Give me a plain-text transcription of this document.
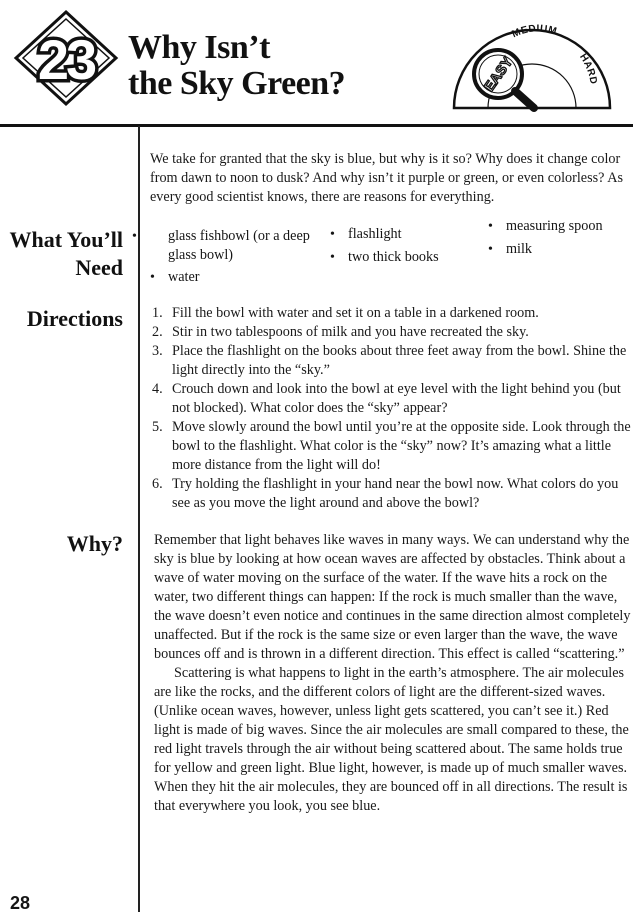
23 Why Isn’t
the Sky Green?
MEDIUM
HARD
EASY
We take for granted that the sky is blue, but why is it so? Why does it change color from dawn to noon to dusk? And why isn’t it purple or green, or even colorless? As every good scientist knows, there are reasons for everything.
What You’ll
Need
• glass fishbowl (or a deep glass bowl)
• water
• flashlight
• two thick books
• measuring spoon
• milk
Directions 1. Fill the bowl with water and set it on a table in a darkened room.
2. Stir in two tablespoons of milk and you have recreated the sky.
3. Place the flashlight on the books about three feet away from the bowl. Shine the light directly into the “sky.”
4. Crouch down and look into the bowl at eye level with the light behind you (but not blocked). What color does the “sky” appear?
5. Move slowly around the bowl until you’re at the opposite side. Look through the bowl to the flashlight. What color is the “sky” now? It’s amazing what a little more distance from the light will do!
6. Try holding the flashlight in your hand near the bowl now. What colors do you see as you move the light around and above the bowl?
Why? Remember that light behaves like waves in many ways. We can understand why the sky is blue by looking at how ocean waves are affected by obstacles. Think about a wave of water moving on the surface of the water. If the wave hits a rock on the water, two different things can happen: If the rock is much smaller than the wave, the wave doesn’t even notice and continues in the same direction almost completely unaffected. But if the rock is the same size or even larger than the wave, the wave bounces off and is thrown in a different direction. This effect is called “scattering.”

Scattering is what happens to light in the earth’s atmosphere. The air molecules are like the rocks, and the different colors of light are the different-sized waves. (Unlike ocean waves, however, unless light gets scattered, you can’t see it.) Red light is made of big waves. Since the air molecules are small compared to these, the red light travels through the air without being scattered about. The same holds true for yellow and green light. Blue light, however, is made up of much smaller waves. When they hit the air molecules, they are bounced off in all directions. The result is that everywhere you look, you see blue.

28
